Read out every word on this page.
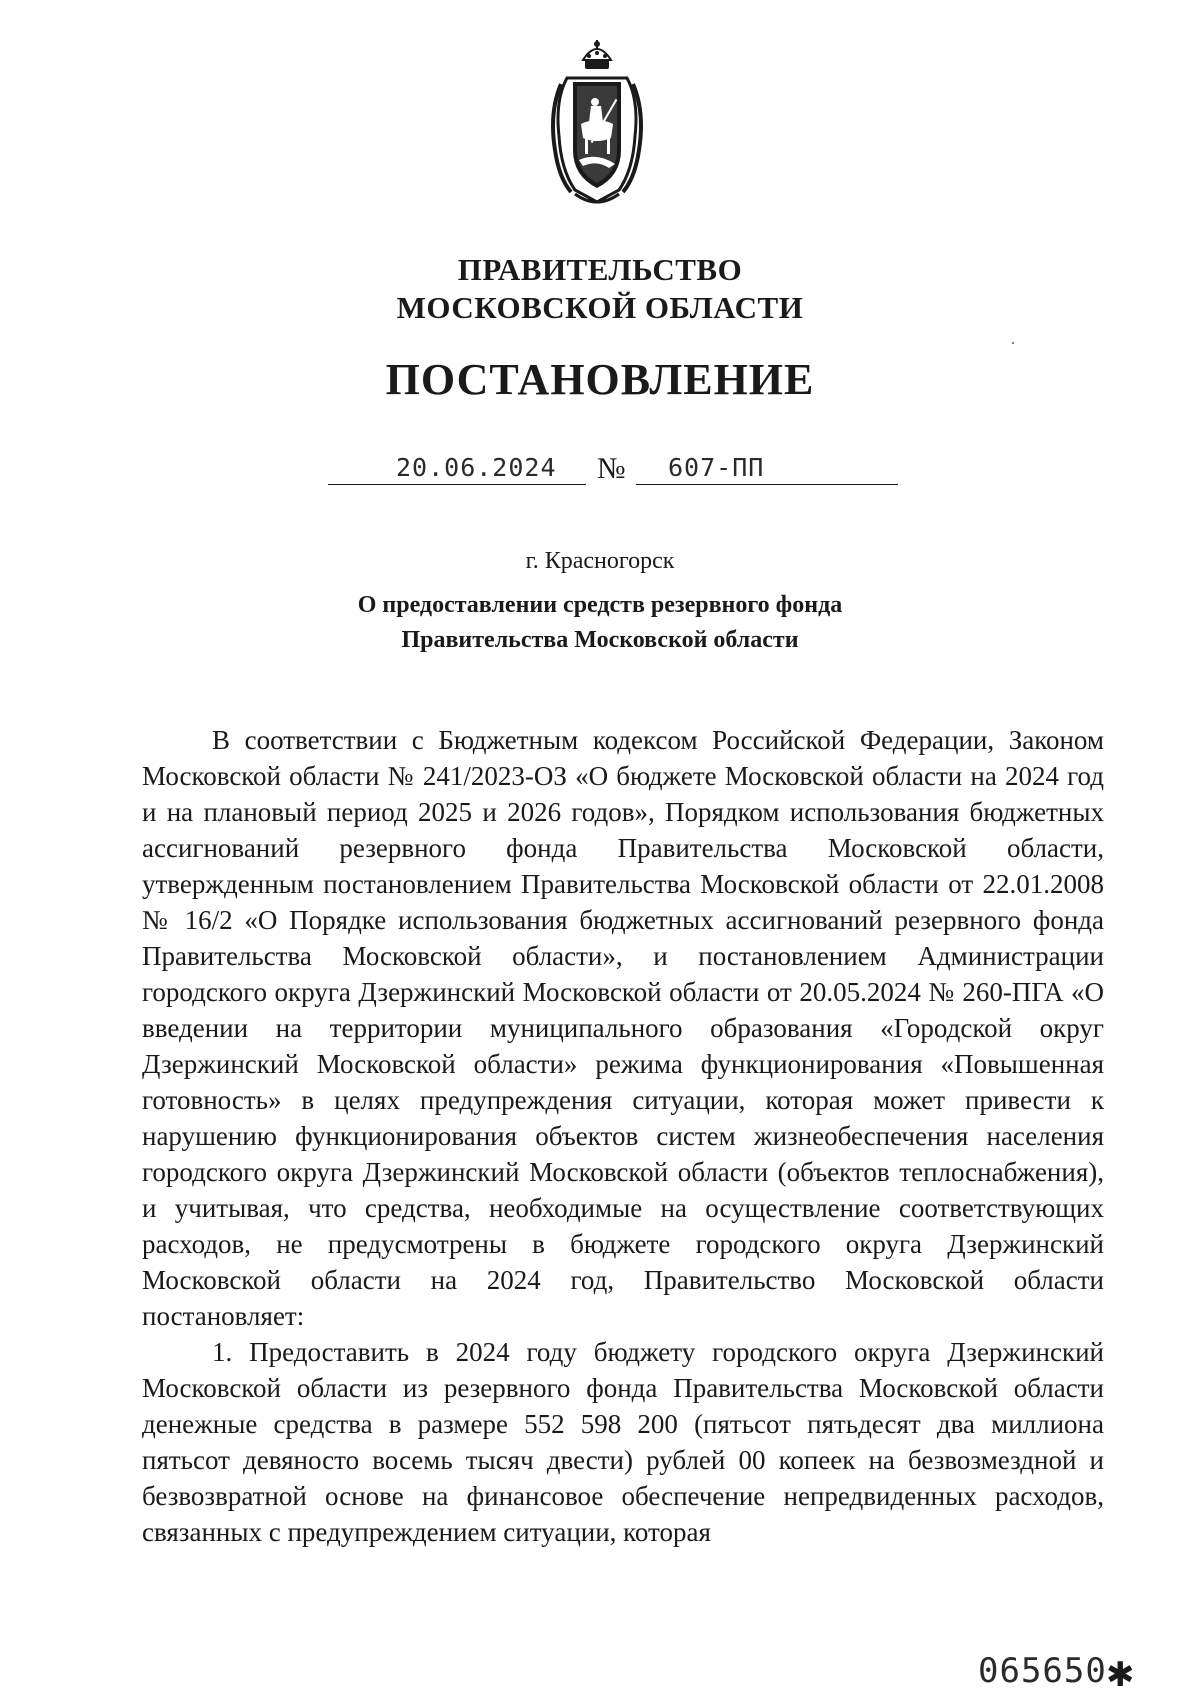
ПРАВИТЕЛЬСТВО
МОСКОВСКОЙ ОБЛАСТИ
ПОСТАНОВЛЕНИЕ
20.06.2024 № 607-ПП
г. Красногорск
О предоставлении средств резервного фонда
Правительства Московской области

В соответствии с Бюджетным кодексом Российской Федерации, Законом Московской области № 241/2023-ОЗ «О бюджете Московской области на 2024 год и на плановый период 2025 и 2026 годов», Порядком использования бюджетных ассигнований резервного фонда Правительства Московской области, утвержденным постановлением Правительства Московской области от 22.01.2008 № 16/2 «О Порядке использования бюджетных ассигнований резервного фонда Правительства Московской области», и постановлением Администрации городского округа Дзержинский Московской области от 20.05.2024 № 260-ПГА «О введении на территории муниципального образования «Городской округ Дзержинский Московской области» режима функционирования «Повышенная готовность» в целях предупреждения ситуации, которая может привести к нарушению функционирования объектов систем жизнеобеспечения населения городского округа Дзержинский Московской области (объектов теплоснабжения), и учитывая, что средства, необходимые на осуществление соответствующих расходов, не предусмотрены в бюджете городского округа Дзержинский Московской области на 2024 год, Правительство Московской области постановляет:

1. Предоставить в 2024 году бюджету городского округа Дзержинский Московской области из резервного фонда Правительства Московской области денежные средства в размере 552 598 200 (пятьсот пятьдесят два миллиона пятьсот девяносто восемь тысяч двести) рублей 00 копеек на безвозмездной и безвозвратной основе на финансовое обеспечение непредвиденных расходов, связанных с предупреждением ситуации, которая

065650 ✱
